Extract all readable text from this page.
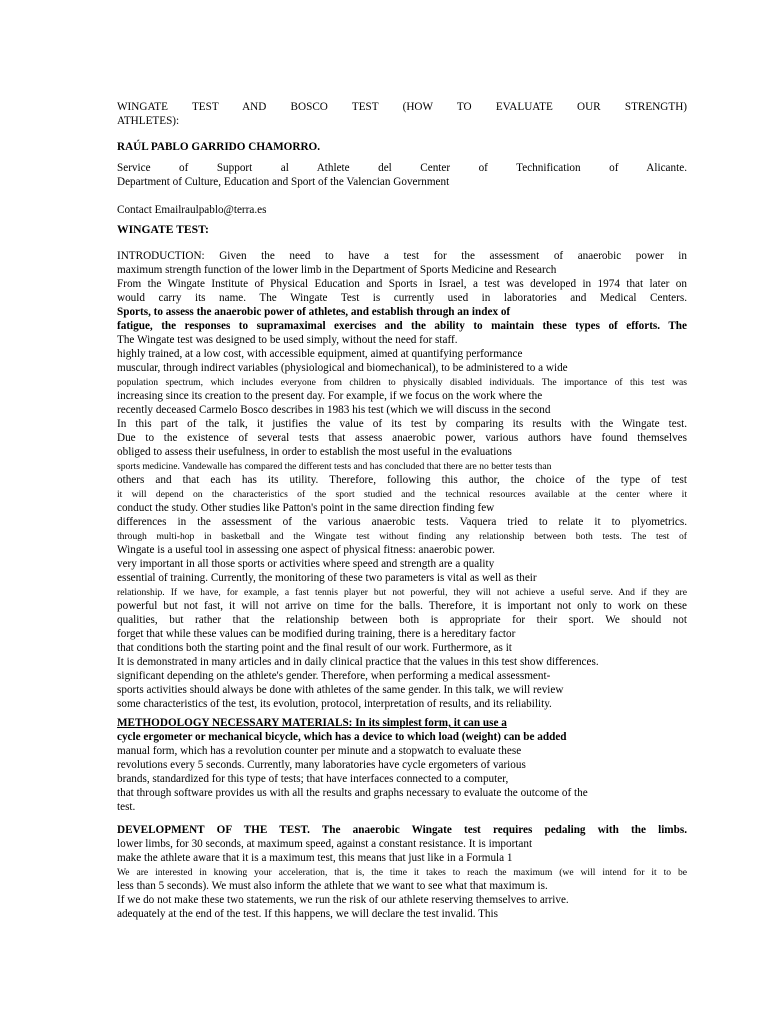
WINGATE TEST AND BOSCO TEST (HOW TO EVALUATE OUR STRENGTH)

ATHLETES):

RAÚL PABLO GARRIDO CHAMORRO.

Service of Support al Athlete del Center of Technification of Alicante.

Department of Culture, Education and Sport of the Valencian Government

Contact Emailraulpablo@terra.es

WINGATE TEST:

INTRODUCTION: Given the need to have a test for the assessment of anaerobic power in

maximum strength function of the lower limb in the Department of Sports Medicine and Research

From the Wingate Institute of Physical Education and Sports in Israel, a test was developed in 1974 that later on

would carry its name. The Wingate Test is currently used in laboratories and Medical Centers.

Sports, to assess the anaerobic power of athletes, and establish through an index of

fatigue, the responses to supramaximal exercises and the ability to maintain these types of efforts. The

The Wingate test was designed to be used simply, without the need for staff.

highly trained, at a low cost, with accessible equipment, aimed at quantifying performance

muscular, through indirect variables (physiological and biomechanical), to be administered to a wide

population spectrum, which includes everyone from children to physically disabled individuals. The importance of this test was

increasing since its creation to the present day. For example, if we focus on the work where the

recently deceased Carmelo Bosco describes in 1983 his test (which we will discuss in the second

In this part of the talk, it justifies the value of its test by comparing its results with the Wingate test.

Due to the existence of several tests that assess anaerobic power, various authors have found themselves

obliged to assess their usefulness, in order to establish the most useful in the evaluations

sports medicine. Vandewalle has compared the different tests and has concluded that there are no better tests than

others and that each has its utility. Therefore, following this author, the choice of the type of test

it will depend on the characteristics of the sport studied and the technical resources available at the center where it

conduct the study. Other studies like Patton's point in the same direction finding few

differences in the assessment of the various anaerobic tests. Vaquera tried to relate it to plyometrics.

through multi-hop in basketball and the Wingate test without finding any relationship between both tests. The test of

Wingate is a useful tool in assessing one aspect of physical fitness: anaerobic power.

very important in all those sports or activities where speed and strength are a quality

essential of training. Currently, the monitoring of these two parameters is vital as well as their

relationship. If we have, for example, a fast tennis player but not powerful, they will not achieve a useful serve. And if they are

powerful but not fast, it will not arrive on time for the balls. Therefore, it is important not only to work on these

qualities, but rather that the relationship between both is appropriate for their sport. We should not

forget that while these values can be modified during training, there is a hereditary factor

that conditions both the starting point and the final result of our work. Furthermore, as it

It is demonstrated in many articles and in daily clinical practice that the values in this test show differences.

significant depending on the athlete's gender. Therefore, when performing a medical assessment-

sports activities should always be done with athletes of the same gender. In this talk, we will review

some characteristics of the test, its evolution, protocol, interpretation of results, and its reliability.

METHODOLOGY NECESSARY MATERIALS: In its simplest form, it can use a

cycle ergometer or mechanical bicycle, which has a device to which load (weight) can be added

manual form, which has a revolution counter per minute and a stopwatch to evaluate these

revolutions every 5 seconds. Currently, many laboratories have cycle ergometers of various

brands, standardized for this type of tests; that have interfaces connected to a computer,

that through software provides us with all the results and graphs necessary to evaluate the outcome of the

test.

DEVELOPMENT OF THE TEST. The anaerobic Wingate test requires pedaling with the limbs.

lower limbs, for 30 seconds, at maximum speed, against a constant resistance. It is important

make the athlete aware that it is a maximum test, this means that just like in a Formula 1

We are interested in knowing your acceleration, that is, the time it takes to reach the maximum (we will intend for it to be

less than 5 seconds). We must also inform the athlete that we want to see what that maximum is.

If we do not make these two statements, we run the risk of our athlete reserving themselves to arrive.

adequately at the end of the test. If this happens, we will declare the test invalid. This
